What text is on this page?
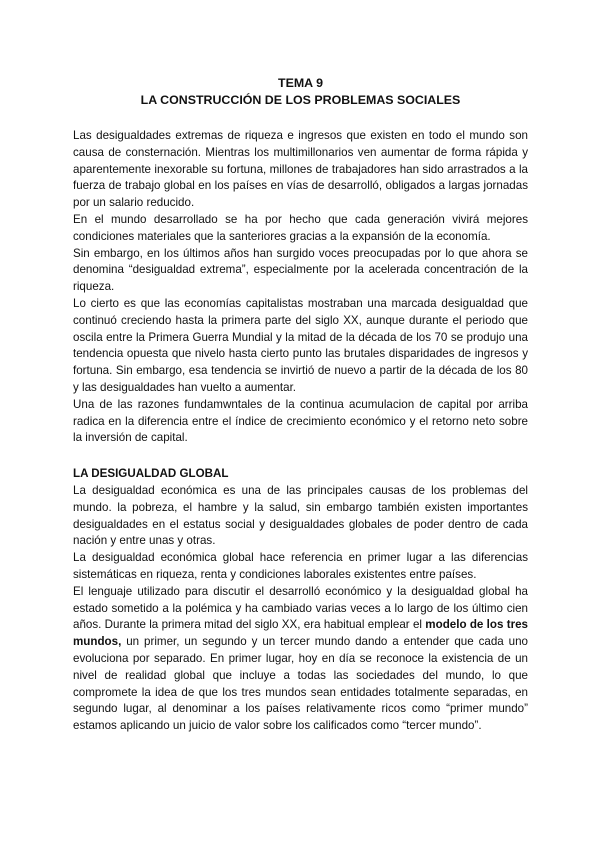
TEMA 9
LA CONSTRUCCIÓN DE LOS PROBLEMAS SOCIALES

Las desigualdades extremas de riqueza e ingresos que existen en todo el mundo son causa de consternación. Mientras los multimillonarios ven aumentar de forma rápida y aparentemente inexorable su fortuna, millones de trabajadores han sido arrastrados a la fuerza de trabajo global en los países en vías de desarrolló, obligados a largas jornadas por un salario reducido.

En el mundo desarrollado se ha por hecho que cada generación vivirá mejores condiciones materiales que la santeriores gracias a la expansión de la economía.

Sin embargo, en los últimos años han surgido voces preocupadas por lo que ahora se denomina “desigualdad extrema”, especialmente por la acelerada concentración de la riqueza.

Lo cierto es que las economías capitalistas mostraban una marcada desigualdad que continuó creciendo hasta la primera parte del siglo XX, aunque durante el periodo que oscila entre la Primera Guerra Mundial y la mitad de la década de los 70 se produjo una tendencia opuesta que nivelo hasta cierto punto las brutales disparidades de ingresos y fortuna. Sin embargo, esa tendencia se invirtió de nuevo a partir de la década de los 80 y las desigualdades han vuelto a aumentar.

Una de las razones fundamwntales de la continua acumulacion de capital por arriba radica en la diferencia entre el índice de crecimiento económico y el retorno neto sobre la inversión de capital.

LA DESIGUALDAD GLOBAL

La desigualdad económica es una de las principales causas de los problemas del mundo. la pobreza, el hambre y la salud, sin embargo también existen importantes desigualdades en el estatus social y desigualdades globales de poder dentro de cada nación y entre unas y otras.

La desigualdad económica global hace referencia en primer lugar a las diferencias sistemáticas en riqueza, renta y condiciones laborales existentes entre países.

El lenguaje utilizado para discutir el desarrolló económico y la desigualdad global ha estado sometido a la polémica y ha cambiado varias veces a lo largo de los último cien años. Durante la primera mitad del siglo XX, era habitual emplear el modelo de los tres mundos, un primer, un segundo y un tercer mundo dando a entender que cada uno evoluciona por separado. En primer lugar, hoy en día se reconoce la existencia de un nivel de realidad global que incluye a todas las sociedades del mundo, lo que compromete la idea de que los tres mundos sean entidades totalmente separadas, en segundo lugar, al denominar a los países relativamente ricos como “primer mundo” estamos aplicando un juicio de valor sobre los calificados como “tercer mundo”.
